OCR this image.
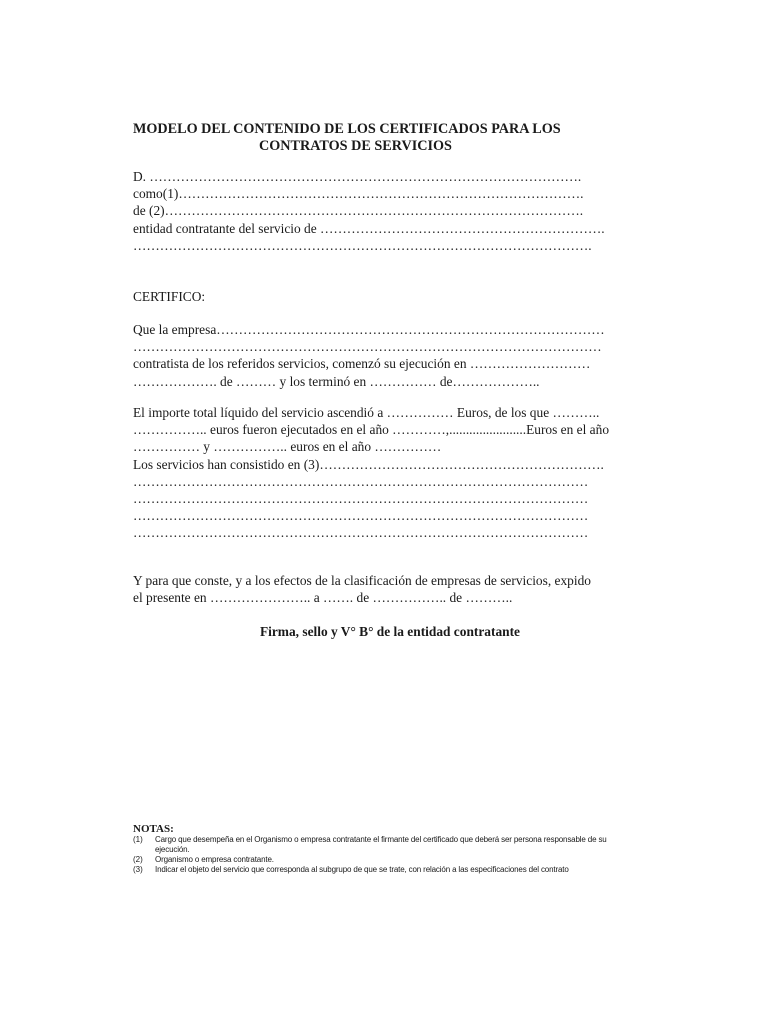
MODELO DEL CONTENIDO DE LOS CERTIFICADOS PARA LOS
CONTRATOS DE SERVICIOS
D. …………………………………………………………………………………….
como(1)……………………………………………………………………………….
de (2)………………………………………………………………………………….
entidad contratante del servicio de ……………………………………………………….
………………………………………………………………………………………….
CERTIFICO:
Que la empresa……………………………………………………………………………
……………………………………………………………………………………………
contratista de los referidos servicios, comenzó su ejecución en ………………………
………………. de ……… y los terminó en …………… de………………..
El importe total líquido del servicio ascendió a …………… Euros, de los que ………..
…………….. euros fueron ejecutados en el año …………,.......................Euros en el año
…………… y …………….. euros en el año ……………
Los servicios han consistido en (3)……………………………………………………….
…………………………………………………………………………………………
…………………………………………………………………………………………
…………………………………………………………………………………………
…………………………………………………………………………………………
Y para que conste, y a los efectos de la clasificación de empresas de servicios, expido
el presente en ………………….. a ……. de …………….. de ………..
Firma, sello y V° B° de la entidad contratante
NOTAS:
(1)	Cargo que desempeña en el Organismo o empresa contratante el firmante del certificado que deberá ser persona responsable de su ejecución.
(2)	Organismo o empresa contratante.
(3)	Indicar el objeto del servicio que corresponda al subgrupo de que se trate, con relación a las especificaciones del contrato
